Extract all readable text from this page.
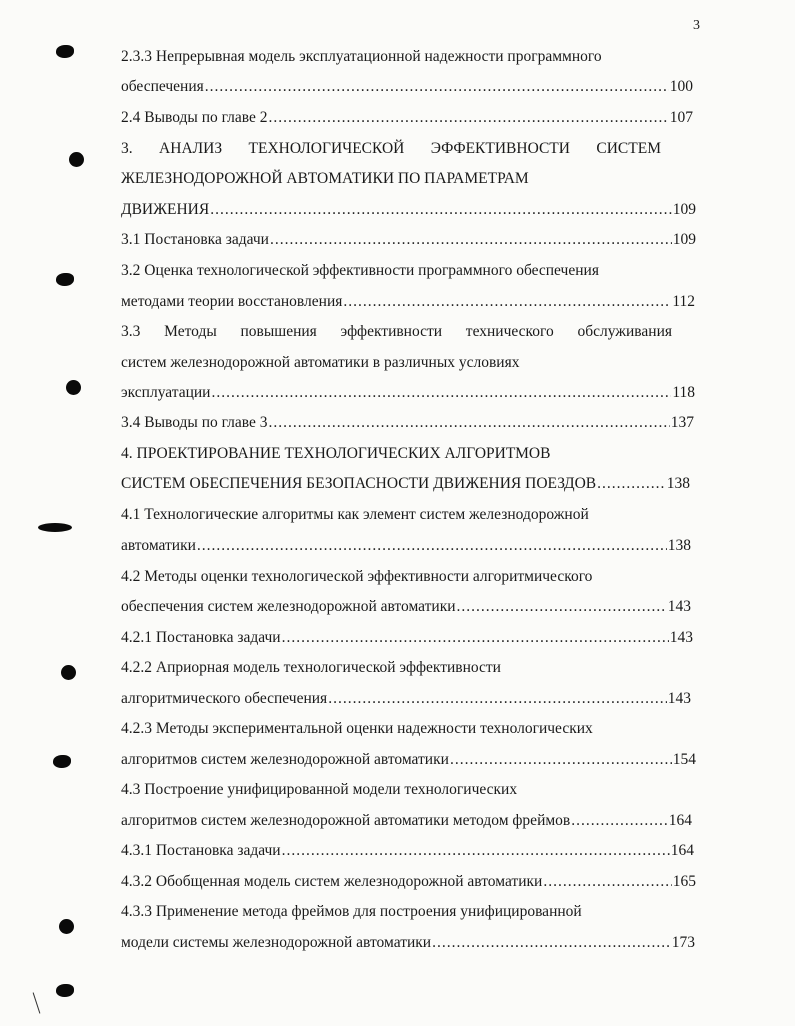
3
2.3.3 Непрерывная модель эксплуатационной надежности программного
обеспечения .....	100
2.4 Выводы по главе 2 .....	107
3. АНАЛИЗ ТЕХНОЛОГИЧЕСКОЙ ЭФФЕКТИВНОСТИ СИСТЕМ
ЖЕЛЕЗНОДОРОЖНОЙ АВТОМАТИКИ ПО ПАРАМЕТРАМ
ДВИЖЕНИЯ .....	109
3.1 Постановка задачи .....	109
3.2 Оценка технологической эффективности программного обеспечения
методами теории восстановления .....	112
3.3 Методы повышения эффективности технического обслуживания
систем железнодорожной автоматики в различных условиях
эксплуатации .....	118
3.4 Выводы по главе 3 .....	137
4. ПРОЕКТИРОВАНИЕ ТЕХНОЛОГИЧЕСКИХ АЛГОРИТМОВ
СИСТЕМ ОБЕСПЕЧЕНИЯ БЕЗОПАСНОСТИ ДВИЖЕНИЯ ПОЕЗДОВ .....	138
4.1 Технологические алгоритмы как элемент систем железнодорожной
автоматики .....	138
4.2 Методы оценки технологической эффективности алгоритмического
обеспечения систем железнодорожной автоматики .....	143
4.2.1 Постановка задачи .....	143
4.2.2 Априорная модель технологической эффективности
алгоритмического обеспечения .....	143
4.2.3 Методы экспериментальной оценки надежности технологических
алгоритмов систем железнодорожной автоматики .....	154
4.3 Построение унифицированной модели технологических
алгоритмов систем железнодорожной автоматики методом фреймов .....	164
4.3.1 Постановка задачи .....	164
4.3.2 Обобщенная модель систем железнодорожной автоматики .....	165
4.3.3 Применение метода фреймов для построения унифицированной
модели системы железнодорожной автоматики .....	173
